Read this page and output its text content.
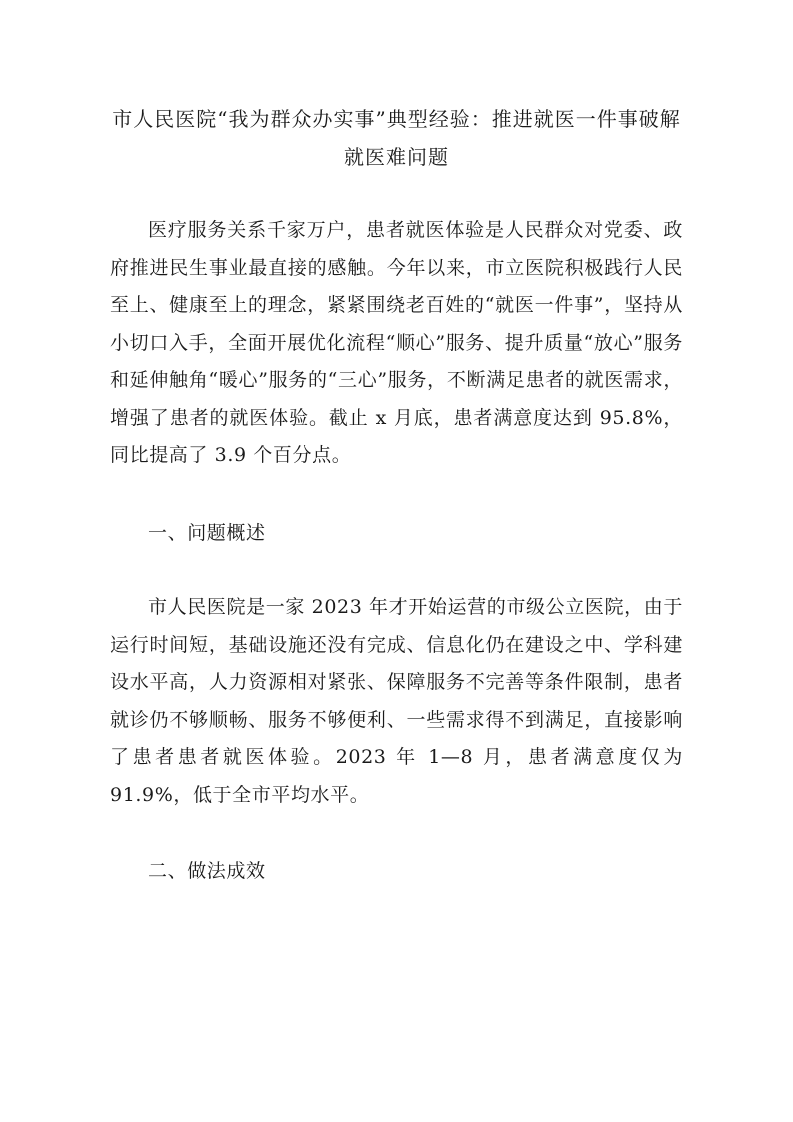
市人民医院“我为群众办实事”典型经验：推进就医一件事破解就医难问题

医疗服务关系千家万户，患者就医体验是人民群众对党委、政府推进民生事业最直接的感触。今年以来，市立医院积极践行人民至上、健康至上的理念，紧紧围绕老百姓的“就医一件事”，坚持从小切口入手，全面开展优化流程“顺心”服务、提升质量“放心”服务和延伸触角“暖心”服务的“三心”服务，不断满足患者的就医需求，增强了患者的就医体验。截止 x 月底，患者满意度达到 95.8%，同比提高了 3.9 个百分点。

一、问题概述

市人民医院是一家 2023 年才开始运营的市级公立医院，由于运行时间短，基础设施还没有完成、信息化仍在建设之中、学科建设水平高，人力资源相对紧张、保障服务不完善等条件限制，患者就诊仍不够顺畅、服务不够便利、一些需求得不到满足，直接影响了患者患者就医体验。2023 年 1—8 月，患者满意度仅为 91.9%，低于全市平均水平。

二、做法成效
